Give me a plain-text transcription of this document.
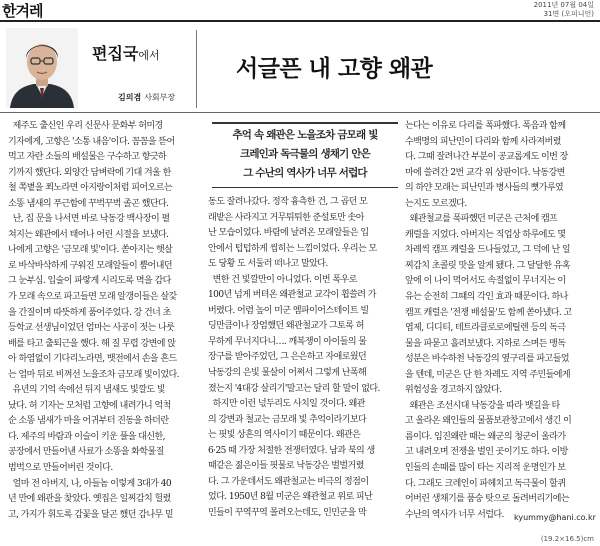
한겨레	2011년 07월 04일
31면 (오피니언)
편집국에서
김의겸 사회부장
서글픈 내 고향 왜관
제주도 출신인 우리 신문사 문화부 허미경
기자에게, 고향은 '소통 내음'이다. 꼼꼼을 뜯어
먹고 자란 소들의 배설물은 구수하고 향긋하
기까지 했단다. 외양간 담벼락에 기대 겨울 한
철 쪽볕을 쬐노라면 아지랑이처럼 피어오르는
소똥 냄새의 푸근함에 꾸벅꾸벅 졸곤 했단다.
난, 집 문을 나서면 바로 낙동강 백사장이 펼
쳐지는 왜관에서 태어나 어린 시절을 보냈다.
나에게 고향은 '금모래 빛'이다. 쏟아지는 햇살
로 바삭바삭하게 구워진 모래알들이 뿜어내던
그 눈부심. 입술이 파랗게 시리도록 멱을 감다
가 모래 속으로 파고들면 모래 알갱이들은 살갗
을 간질이며 따뜻하게 품어주었다. 강 건너 초
등학교 선생님이었던 엄마는 사공이 젓는 나룻
배를 타고 출퇴근을 했다. 해 질 무렵 강변에 앉
아 하염없이 기다리노라면, 뱃전에서 손을 흔드
는 엄마 뒤로 비껴선 노을조차 금모래 빛이었다.
유년의 기억 속에선 뒤지 냄새도 빛깔도 빛
났다. 허 기자는 모처럼 고향에 내려가니 억척
순 소똥 냄새가 마을 어귀부터 진동을 하더란
다. 제주의 바람과 이슬이 키운 풀을 대신한,
공장에서 만들어낸 사료가 소똥을 화학물질
범벅으로 만들어버린 것이다.
얼마 전 아버지, 나, 아들놈 이렇게 3대가 40
년 만에 왜관을 찾았다. 옛집은 일찌감치 헐렸
고, 가지가 휘도록 감꽃을 달곤 했던 감나무 밑
추억 속 왜관은 노을조차 금모래 빛
크레인과 독극물의 생채기 안은
그 수난의 역사가 너무 서럽다
동도 잘려나갔다. 정작 흉측한 건, 그 곱던 모
래밭은 사라지고 거무튀튀한 준설토만 솟아
난 모습이었다. 바람에 날려온 모래알들은 입
안에서 텁텁하게 씹히는 느낌이었다. 우리는 모
도 당황 도 서둘러 떠나고 말았다.
변한 건 빛깔만이 아니었다. 이번 폭우로
100년 넘게 버텨온 왜관철교 교각이 휩쓸려 가
버렸다. 어렴 높이 미군 엠파이어스테이트 빌
딩만큼이나 장엄했던 왜관철교가 그토록 허
무하게 무너지다니…. 깨복쟁이 아이들의 물
장구를 받아주었던, 그 은은하고 자애로웠던
낙동강의 은빛 물살이 어쩌서 그렇게 난폭해
졌는지 '4대강 살리기'말고는 달리 할 말이 없다.
하지만 이런 넋두리도 사치일 것이다. 왜관
의 강변과 철교는 금모래 빛 추억이라기보다
는 핏빛 상흔의 역사이기 때문이다. 왜관은
6·25 때 가장 처절한 전쟁터였다. 남과 북의 생
때같은 젊은이들 핏물로 낙동강은 벌벌거렸
다. 그 가운데서도 왜관철교는 비극의 정점이
었다. 1950년 8월 미군은 왜관철교 위로 피난
민들이 꾸역꾸역 몰려오는데도, 인민군을 막
는다는 이유로 다리를 폭파했다. 폭음과 함께
수백명의 피난민이 다리와 함께 사라져버렸
다. 그때 잘려나간 부분이 공교롭게도 이번 장
마에 쓸려간 2번 교각 위 상판이다. 낙동강변
의 하얀 모래는 피난민과 병사들의 뼛가루였
는지도 모르겠다.
왜관철교를 폭파했던 미군은 근처에 캠프
캐럴을 지었다. 아버지는 직업상 하루에도 몇
차례씩 캠프 캐럴을 드나들었고, 그 덕에 난 일
찌감치 초콜릿 맛을 알게 됐다. 그 달달한 유혹
앞에 이 나이 먹어서도 속절없이 무너지는 이
유는 순전히 그때의 각인 효과 때문이다. 하나
캠프 캐럴은 '전쟁 배설물'도 함께 쏟아냈다. 고
엽제, 디디티, 테트라클로로에틸렌 등의 독극
물을 파묻고 흘려보냈다. 지하로 스며든 맹독
성분은 바수하천 낙동강의 옆구리를 파고들었
을 텐데, 미군은 단 한 차례도 지역 주민들에게
위험성을 경고하지 않았다.
왜관은 조선시대 낙동강을 따라 뱃길을 타
고 올라온 왜인들의 물품보관창고에서 생긴 이
름이다. 임진왜란 때는 왜군의 청군이 올라가
고 내려오며 전쟁을 벌인 곳이기도 하다. 이방
인들의 손때를 많이 타는 지리적 운명인가 보
다. 그래도 크레인이 파헤치고 독극물이 할퀴
어버린 생채기를 품숭 탓으로 돌려버리기에는
수난의 역사가 너무 서럽다.	kyummy@hani.co.kr
(19.2×16.5)cm
